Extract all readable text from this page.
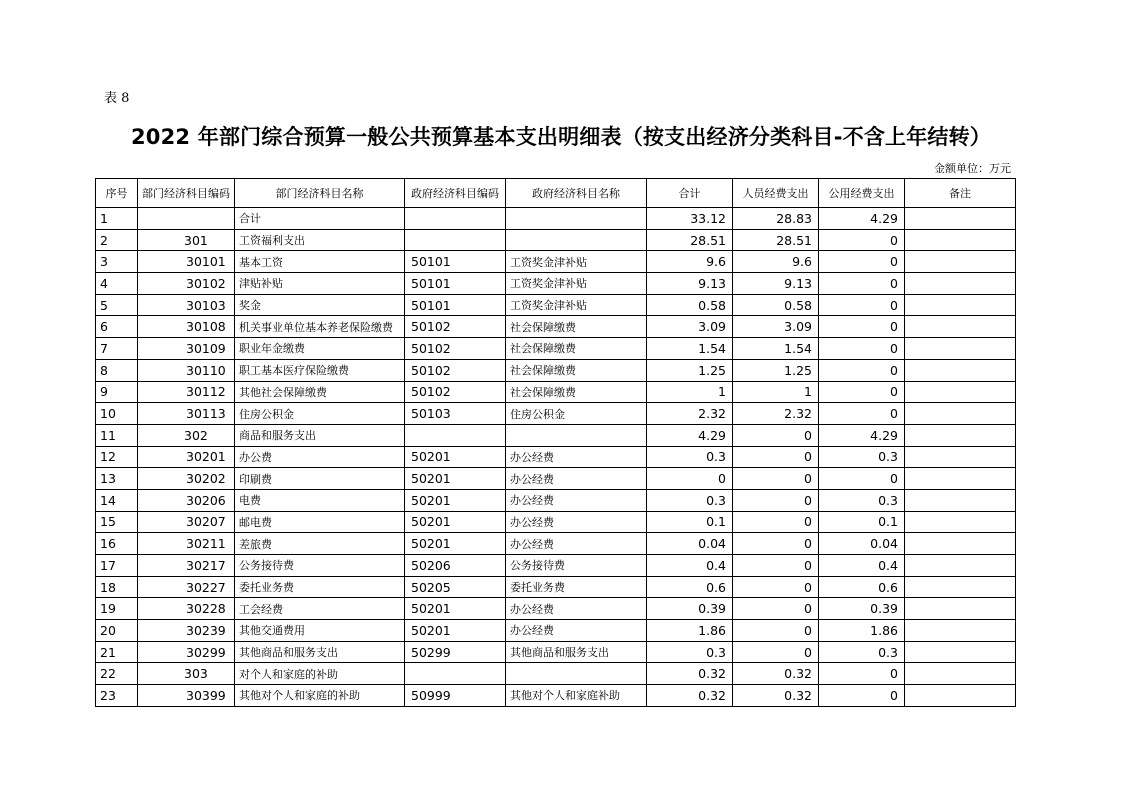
表 8
2022 年部门综合预算一般公共预算基本支出明细表（按支出经济分类科目-不含上年结转）
金额单位：万元
序号	部门经济科目编码	部门经济科目名称	政府经济科目编码	政府经济科目名称	合计	人员经费支出	公用经费支出	备注
1		合计			33.12	28.83	4.29	
2	301	工资福利支出			28.51	28.51	0	
3	30101	基本工资	50101	工资奖金津补贴	9.6	9.6	0	
4	30102	津贴补贴	50101	工资奖金津补贴	9.13	9.13	0	
5	30103	奖金	50101	工资奖金津补贴	0.58	0.58	0	
6	30108	机关事业单位基本养老保险缴费	50102	社会保障缴费	3.09	3.09	0	
7	30109	职业年金缴费	50102	社会保障缴费	1.54	1.54	0	
8	30110	职工基本医疗保险缴费	50102	社会保障缴费	1.25	1.25	0	
9	30112	其他社会保障缴费	50102	社会保障缴费	1	1	0	
10	30113	住房公积金	50103	住房公积金	2.32	2.32	0	
11	302	商品和服务支出			4.29	0	4.29	
12	30201	办公费	50201	办公经费	0.3	0	0.3	
13	30202	印刷费	50201	办公经费	0	0	0	
14	30206	电费	50201	办公经费	0.3	0	0.3	
15	30207	邮电费	50201	办公经费	0.1	0	0.1	
16	30211	差旅费	50201	办公经费	0.04	0	0.04	
17	30217	公务接待费	50206	公务接待费	0.4	0	0.4	
18	30227	委托业务费	50205	委托业务费	0.6	0	0.6	
19	30228	工会经费	50201	办公经费	0.39	0	0.39	
20	30239	其他交通费用	50201	办公经费	1.86	0	1.86	
21	30299	其他商品和服务支出	50299	其他商品和服务支出	0.3	0	0.3	
22	303	对个人和家庭的补助			0.32	0.32	0	
23	30399	其他对个人和家庭的补助	50999	其他对个人和家庭补助	0.32	0.32	0	
